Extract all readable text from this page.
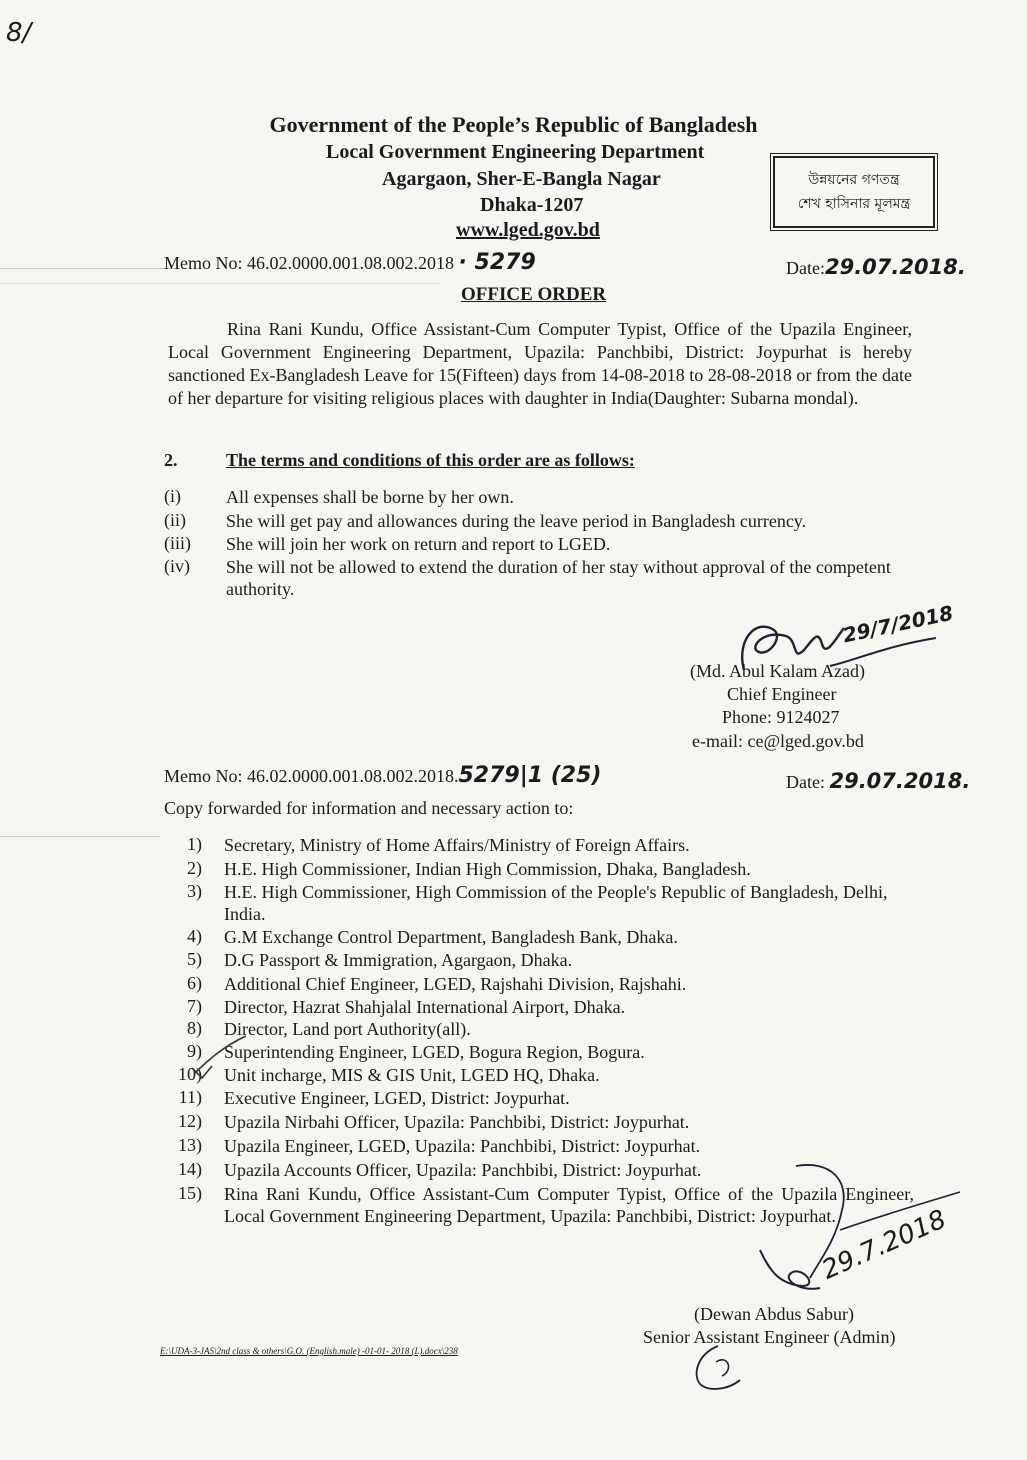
8/
Government of the People’s Republic of Bangladesh
Local Government Engineering Department
Agargaon, Sher-E-Bangla Nagar
Dhaka-1207
www.lged.gov.bd
উন্নয়নের গণতন্ত্র
শেখ হাসিনার মূলমন্ত্র
Memo No: 46.02.0000.001.08.002.2018 · 5279	Date:29.07.2018.
OFFICE ORDER
Rina Rani Kundu, Office Assistant-Cum Computer Typist, Office of the Upazila Engineer, Local Government Engineering Department, Upazila: Panchbibi, District: Joypurhat is hereby sanctioned Ex-Bangladesh Leave for 15(Fifteen) days from 14-08-2018 to 28-08-2018 or from the date of her departure for visiting religious places with daughter in India(Daughter: Subarna mondal).
2.	The terms and conditions of this order are as follows:
(i)	All expenses shall be borne by her own.
(ii) She will get pay and allowances during the leave period in Bangladesh currency.
(iii) She will join her work on return and report to LGED.
(iv) She will not be allowed to extend the duration of her stay without approval of the competent authority.
29/7/2018
(Md. Abul Kalam Azad)
Chief Engineer
Phone: 9124027
e-mail: ce@lged.gov.bd
Memo No: 46.02.0000.001.08.002.2018.5279|1 (25)	Date: 29.07.2018.
Copy forwarded for information and necessary action to:
1) Secretary, Ministry of Home Affairs/Ministry of Foreign Affairs.
2) H.E. High Commissioner, Indian High Commission, Dhaka, Bangladesh.
3) H.E. High Commissioner, High Commission of the People's Republic of Bangladesh, Delhi, India.
4) G.M Exchange Control Department, Bangladesh Bank, Dhaka.
5) D.G Passport & Immigration, Agargaon, Dhaka.
6) Additional Chief Engineer, LGED, Rajshahi Division, Rajshahi.
7) Director, Hazrat Shahjalal International Airport, Dhaka.
8) Director, Land port Authority(all).
9) Superintending Engineer, LGED, Bogura Region, Bogura.
10) Unit incharge, MIS & GIS Unit, LGED HQ, Dhaka.
11) Executive Engineer, LGED, District: Joypurhat.
12) Upazila Nirbahi Officer, Upazila: Panchbibi, District: Joypurhat.
13) Upazila Engineer, LGED, Upazila: Panchbibi, District: Joypurhat.
14) Upazila Accounts Officer, Upazila: Panchbibi, District: Joypurhat.
15) Rina Rani Kundu, Office Assistant-Cum Computer Typist, Office of the Upazila Engineer, Local Government Engineering Department, Upazila: Panchbibi, District: Joypurhat.
29.7.2018
(Dewan Abdus Sabur)
Senior Assistant Engineer (Admin)
E:\UDA-3-JAS\2nd class & others\G.O. (English.male) -01-01- 2018 (L).docx\238
